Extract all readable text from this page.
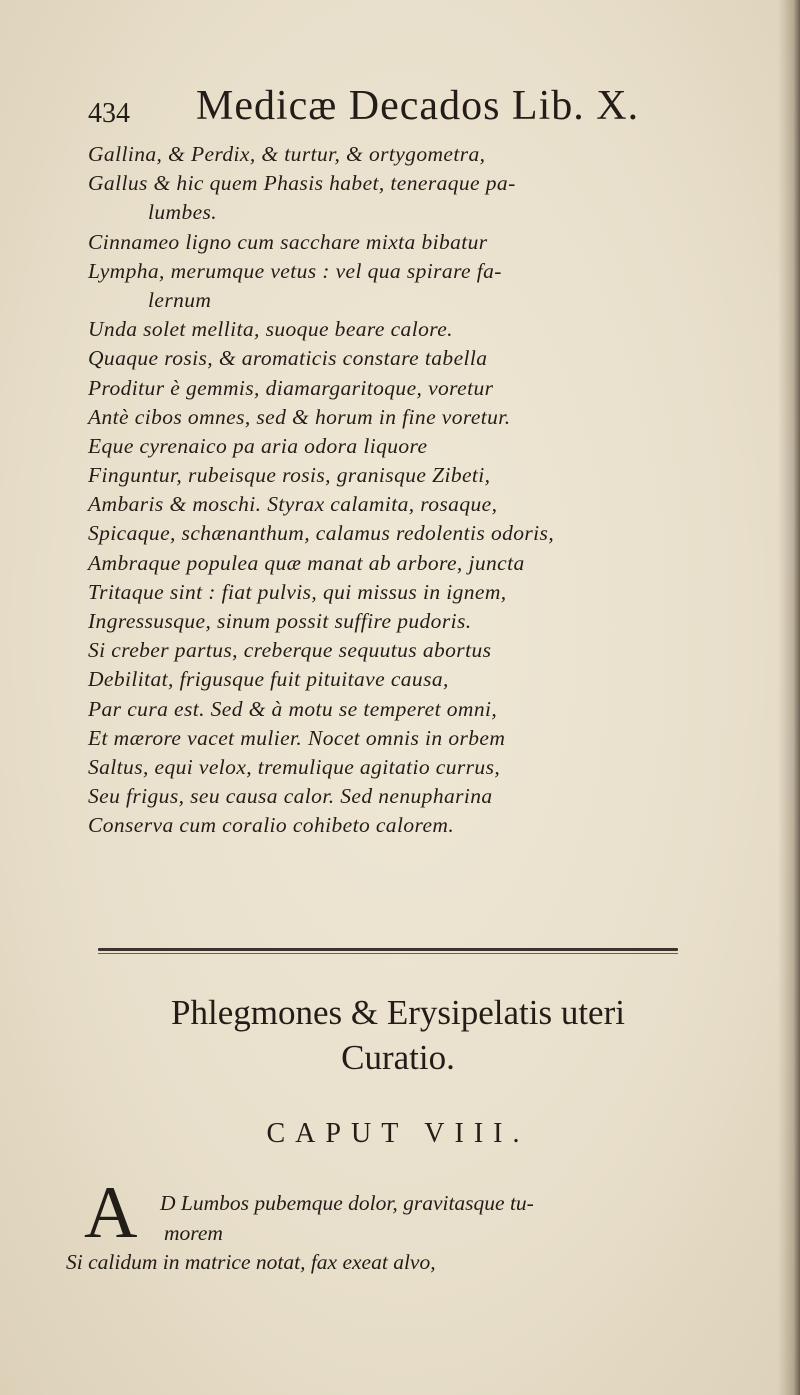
434 Medicæ Decados Lib. X.
Gallina, & Perdix, & turtur, & ortygometra,
Gallus & hic quem Phasis habet, teneraque pa-
lumbes.
Cinnameo ligno cum sacchare mixta bibatur
Lympha, merumque vetus : vel qua spirare fa-
lernum
Unda solet mellita, suoque beare calore.
Quaque rosis, & aromaticis constare tabella
Proditur è gemmis, diamargaritoque, voretur
Antè cibos omnes, sed & horum in fine voretur.
Eque cyrenaico pa aria odora liquore
Finguntur, rubeisque rosis, granisque Zibeti,
Ambaris & moschi. Styrax calamita, rosaque,
Spicaque, schænanthum, calamus redolentis odoris,
Ambraque populea quæ manat ab arbore, juncta
Tritaque sint : fiat pulvis, qui missus in ignem,
Ingressusque, sinum possit suffire pudoris.
Si creber partus, creberque sequutus abortus
Debilitat, frigusque fuit pituitave causa,
Par cura est. Sed & à motu se temperet omni,
Et mærore vacet mulier. Nocet omnis in orbem
Saltus, equi velox, tremulique agitatio currus,
Seu frigus, seu causa calor. Sed nenupharina
Conserva cum coralio cohibeto calorem.
Phlegmones & Erysipelatis uteri
Curatio.
CAPUT VIII.
A D Lumbos pubemque dolor, gravitasque tu-
morem
Si calidum in matrice notat, fax exeat alvo,
